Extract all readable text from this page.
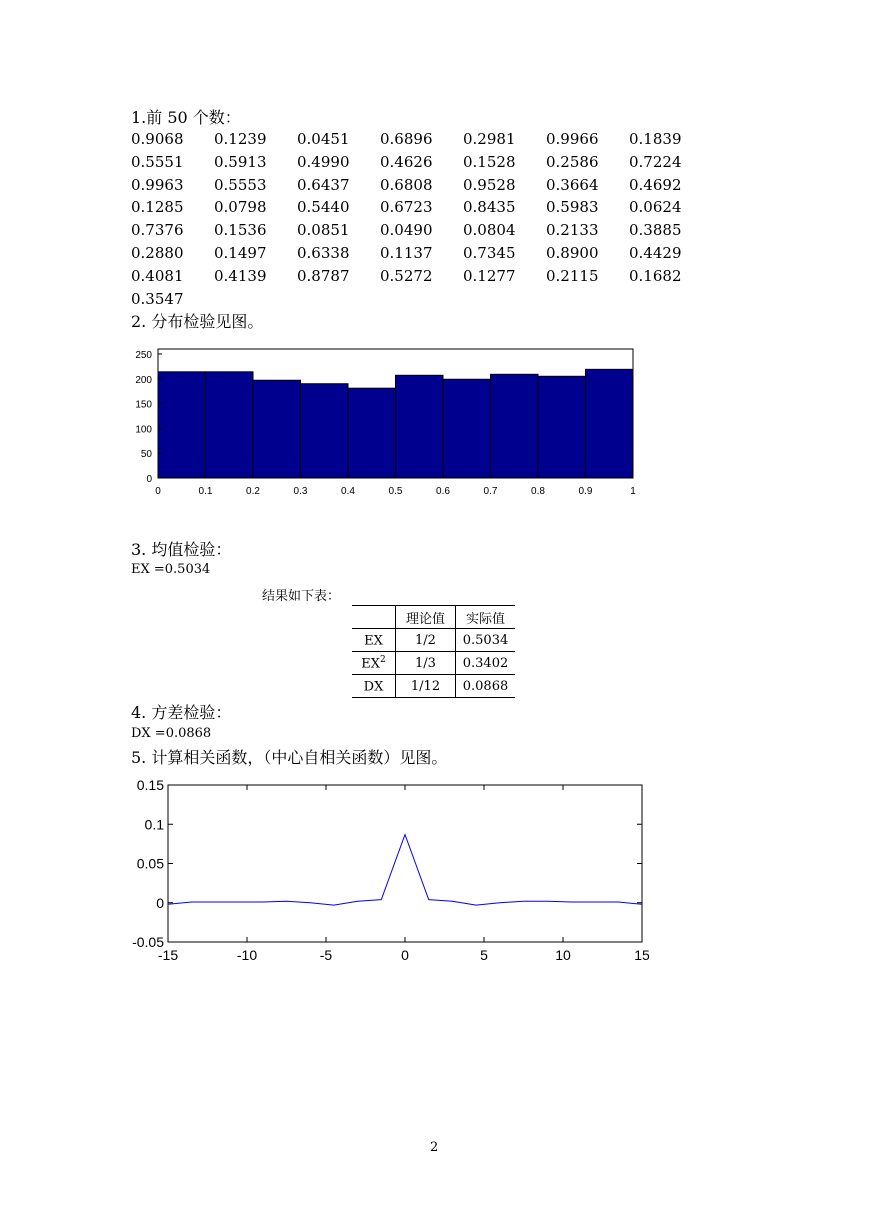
1.前 50 个数：
0.9068 0.1239 0.0451 0.6896 0.2981 0.9966 0.1839
0.5551 0.5913 0.4990 0.4626 0.1528 0.2586 0.7224
0.9963 0.5553 0.6437 0.6808 0.9528 0.3664 0.4692
0.1285 0.0798 0.5440 0.6723 0.8435 0.5983 0.0624
0.7376 0.1536 0.0851 0.0490 0.0804 0.2133 0.3885
0.2880 0.1497 0.6338 0.1137 0.7345 0.8900 0.4429
0.4081 0.4139 0.8787 0.5272 0.1277 0.2115 0.1682
0.3547
2. 分布检验见图。
0	0.1	0.2	0.3	0.4	0.5	0.6	0.7	0.8	0.9	1
0
50
100
150
200
250
3. 均值检验：
EX =0.5034
结果如下表：
	理论值	实际值
EX	1/2	0.5034
$EX^2$	1/3	0.3402
DX	1/12	0.0868
4. 方差检验：
DX =0.0868
5. 计算相关函数，（中心自相关函数）见图。
-15	-10	-5	0	5	10	15
-0.05
0
0.05
0.1
0.15
2
